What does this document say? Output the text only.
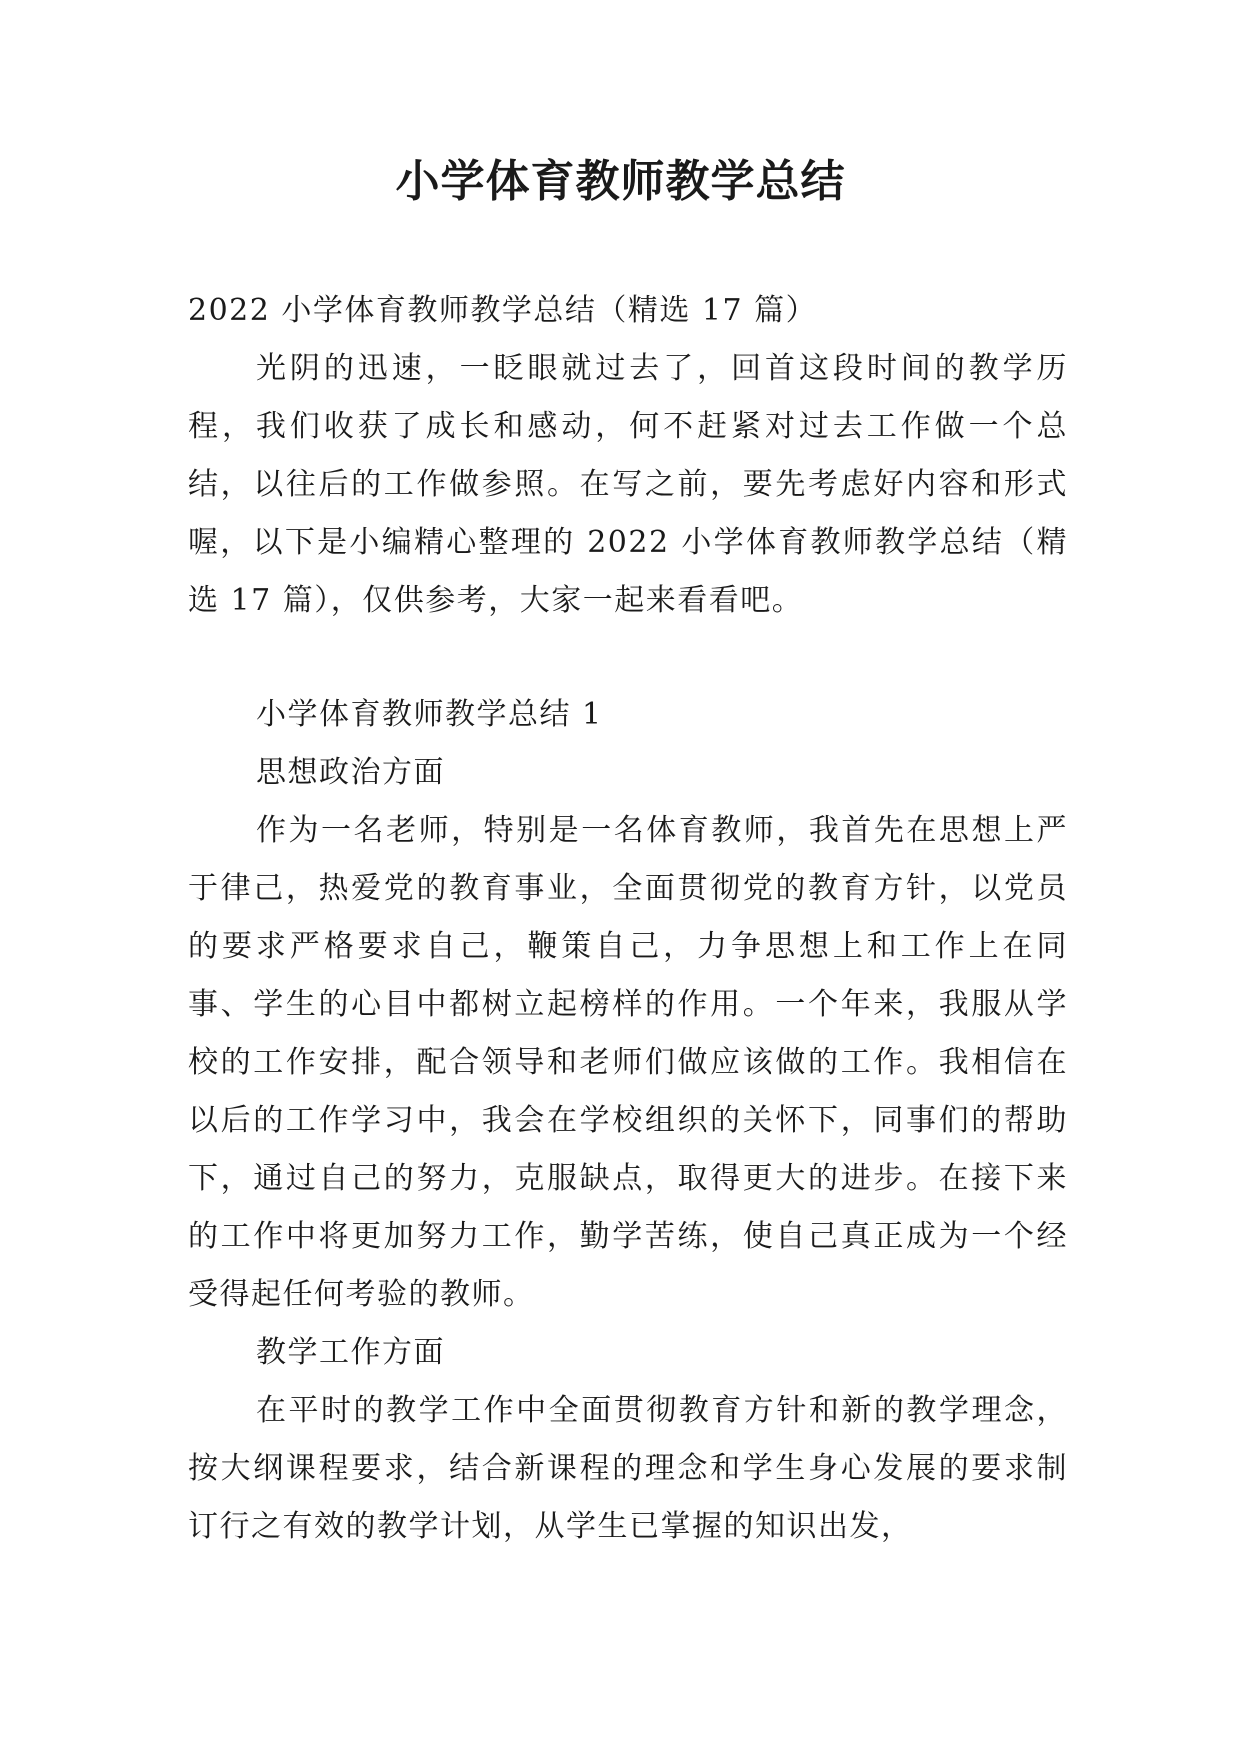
小学体育教师教学总结

2022 小学体育教师教学总结（精选 17 篇）

光阴的迅速，一眨眼就过去了，回首这段时间的教学历程，我们收获了成长和感动，何不赶紧对过去工作做一个总结，以往后的工作做参照。在写之前，要先考虑好内容和形式喔，以下是小编精心整理的 2022 小学体育教师教学总结（精选 17 篇），仅供参考，大家一起来看看吧。

小学体育教师教学总结 1

思想政治方面

作为一名老师，特别是一名体育教师，我首先在思想上严于律己，热爱党的教育事业，全面贯彻党的教育方针，以党员的要求严格要求自己，鞭策自己，力争思想上和工作上在同事、学生的心目中都树立起榜样的作用。一个年来，我服从学校的工作安排，配合领导和老师们做应该做的工作。我相信在以后的工作学习中，我会在学校组织的关怀下，同事们的帮助下，通过自己的努力，克服缺点，取得更大的进步。在接下来的工作中将更加努力工作，勤学苦练，使自己真正成为一个经受得起任何考验的教师。

教学工作方面

在平时的教学工作中全面贯彻教育方针和新的教学理念，按大纲课程要求，结合新课程的理念和学生身心发展的要求制订行之有效的教学计划，从学生已掌握的知识出发，
